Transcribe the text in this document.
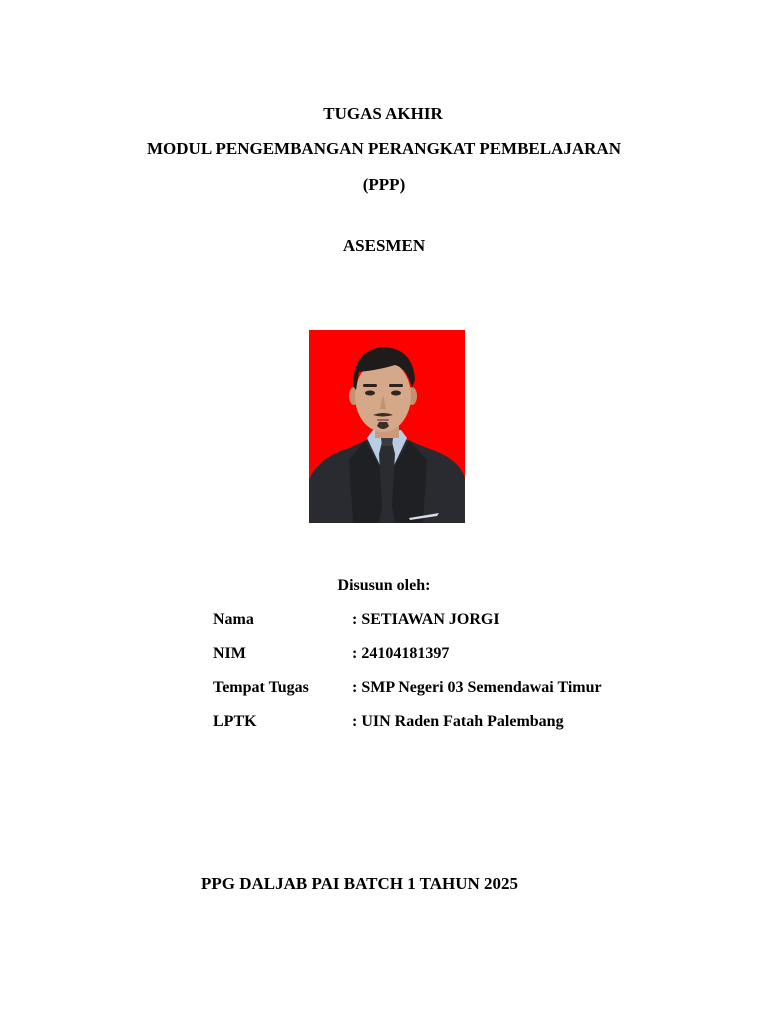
TUGAS AKHIR
MODUL PENGEMBANGAN PERANGKAT PEMBELAJARAN
(PPP)
ASESMEN
Disusun oleh:
Nama	: SETIAWAN JORGI
NIM	: 24104181397
Tempat Tugas	: SMP Negeri 03 Semendawai Timur
LPTK	: UIN Raden Fatah Palembang
PPG DALJAB PAI BATCH 1 TAHUN 2025
